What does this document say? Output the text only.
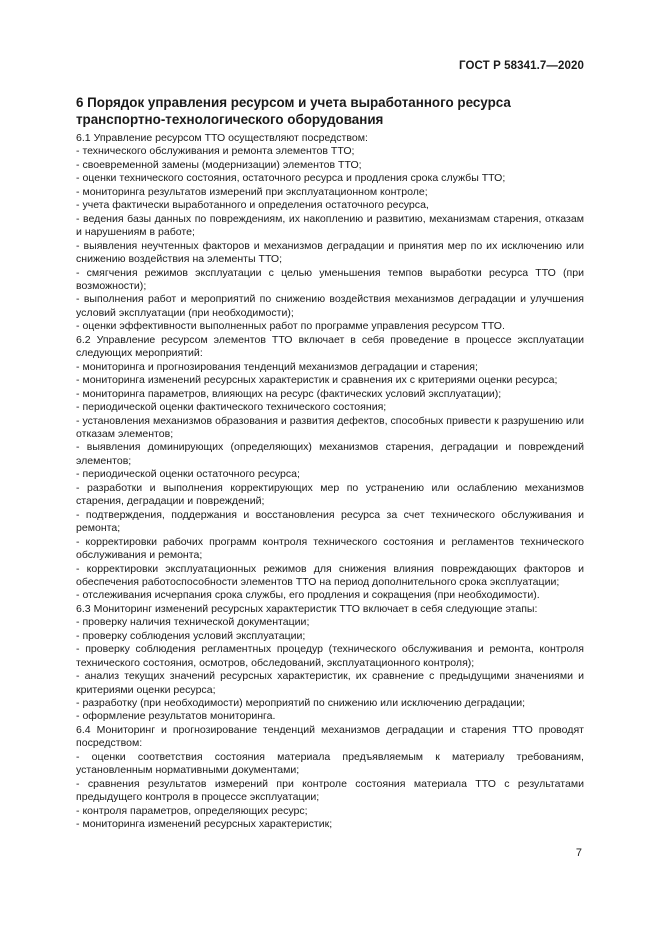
ГОСТ Р 58341.7—2020
6 Порядок управления ресурсом и учета выработанного ресурса транспортно-технологического оборудования

6.1 Управление ресурсом ТТО осуществляют посредством:

- технического обслуживания и ремонта элементов ТТО;

- своевременной замены (модернизации) элементов ТТО;

- оценки технического состояния, остаточного ресурса и продления срока службы ТТО;

- мониторинга результатов измерений при эксплуатационном контроле;

- учета фактически выработанного и определения остаточного ресурса,

- ведения базы данных по повреждениям, их накоплению и развитию, механизмам старения, отказам и нарушениям в работе;

- выявления неучтенных факторов и механизмов деградации и принятия мер по их исключению или снижению воздействия на элементы ТТО;

- смягчения режимов эксплуатации с целью уменьшения темпов выработки ресурса ТТО (при возможности);

- выполнения работ и мероприятий по снижению воздействия механизмов деградации и улучшения условий эксплуатации (при необходимости);

- оценки эффективности выполненных работ по программе управления ресурсом ТТО.

6.2 Управление ресурсом элементов ТТО включает в себя проведение в процессе эксплуатации следующих мероприятий:

- мониторинга и прогнозирования тенденций механизмов деградации и старения;

- мониторинга изменений ресурсных характеристик и сравнения их с критериями оценки ресурса;

- мониторинга параметров, влияющих на ресурс (фактических условий эксплуатации);

- периодической оценки фактического технического состояния;

- установления механизмов образования и развития дефектов, способных привести к разрушению или отказам элементов;

- выявления доминирующих (определяющих) механизмов старения, деградации и повреждений элементов;

- периодической оценки остаточного ресурса;

- разработки и выполнения корректирующих мер по устранению или ослаблению механизмов старения, деградации и повреждений;

- подтверждения, поддержания и восстановления ресурса за счет технического обслуживания и ремонта;

- корректировки рабочих программ контроля технического состояния и регламентов технического обслуживания и ремонта;

- корректировки эксплуатационных режимов для снижения влияния повреждающих факторов и обеспечения работоспособности элементов ТТО на период дополнительного срока эксплуатации;

- отслеживания исчерпания срока службы, его продления и сокращения (при необходимости).

6.3 Мониторинг изменений ресурсных характеристик ТТО включает в себя следующие этапы:

- проверку наличия технической документации;

- проверку соблюдения условий эксплуатации;

- проверку соблюдения регламентных процедур (технического обслуживания и ремонта, контроля технического состояния, осмотров, обследований, эксплуатационного контроля);

- анализ текущих значений ресурсных характеристик, их сравнение с предыдущими значениями и критериями оценки ресурса;

- разработку (при необходимости) мероприятий по снижению или исключению деградации;

- оформление результатов мониторинга.

6.4 Мониторинг и прогнозирование тенденций механизмов деградации и старения ТТО проводят посредством:

- оценки соответствия состояния материала предъявляемым к материалу требованиям, установленным нормативными документами;

- сравнения результатов измерений при контроле состояния материала ТТО с результатами предыдущего контроля в процессе эксплуатации;

- контроля параметров, определяющих ресурс;

- мониторинга изменений ресурсных характеристик;

7
